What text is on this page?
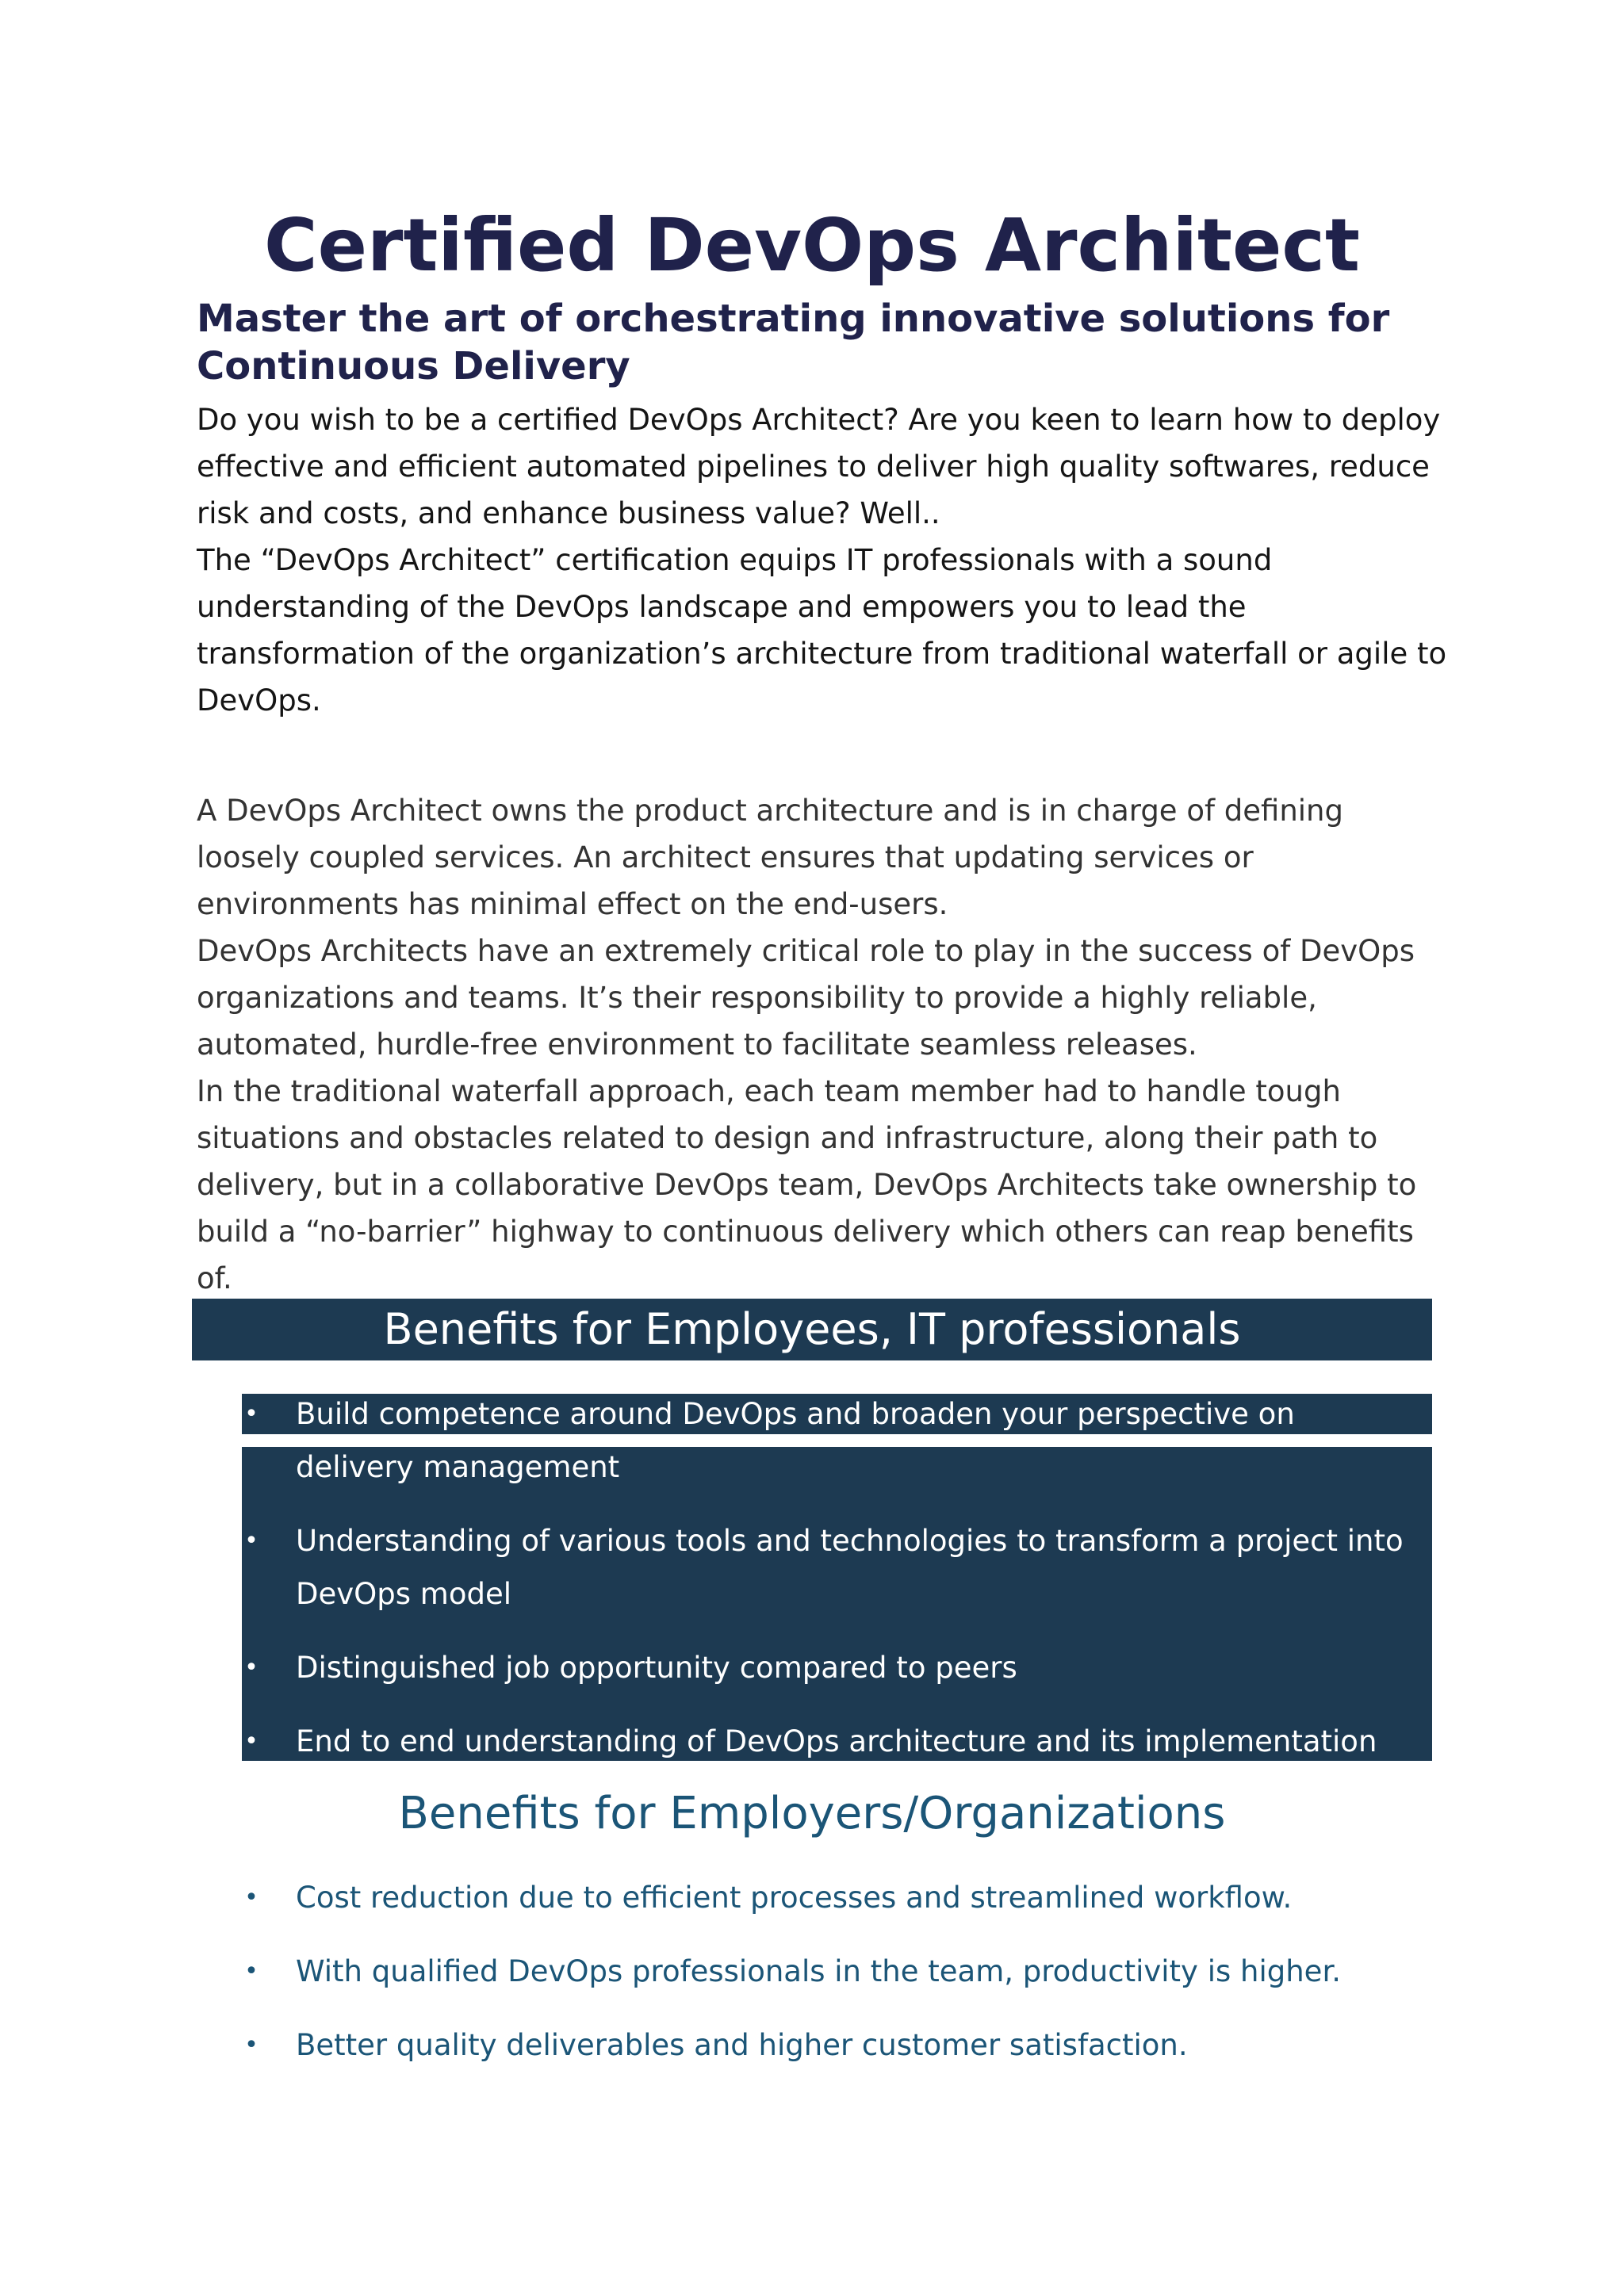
Certified DevOps Architect
Master the art of orchestrating innovative solutions for Continuous Delivery

Do you wish to be a certified DevOps Architect? Are you keen to learn how to deploy effective and efficient automated pipelines to deliver high quality softwares, reduce risk and costs, and enhance business value? Well..

The “DevOps Architect” certification equips IT professionals with a sound understanding of the DevOps landscape and empowers you to lead the transformation of the organization’s architecture from traditional waterfall or agile to DevOps.

A DevOps Architect owns the product architecture and is in charge of defining loosely coupled services. An architect ensures that updating services or environments has minimal effect on the end-users.

DevOps Architects have an extremely critical role to play in the success of DevOps organizations and teams. It’s their responsibility to provide a highly reliable, automated, hurdle-free environment to facilitate seamless releases.

In the traditional waterfall approach, each team member had to handle tough situations and obstacles related to design and infrastructure, along their path to delivery, but in a collaborative DevOps team, DevOps Architects take ownership to build a “no-barrier” highway to continuous delivery which others can reap benefits of.

Benefits for Employees, IT professionals
• Build competence around DevOps and broaden your perspective on delivery management
• Understanding of various tools and technologies to transform a project into DevOps model
• Distinguished job opportunity compared to peers
• End to end understanding of DevOps architecture and its implementation
Benefits for Employers/Organizations
• Cost reduction due to efficient processes and streamlined workflow.
• With qualified DevOps professionals in the team, productivity is higher.
• Better quality deliverables and higher customer satisfaction.
